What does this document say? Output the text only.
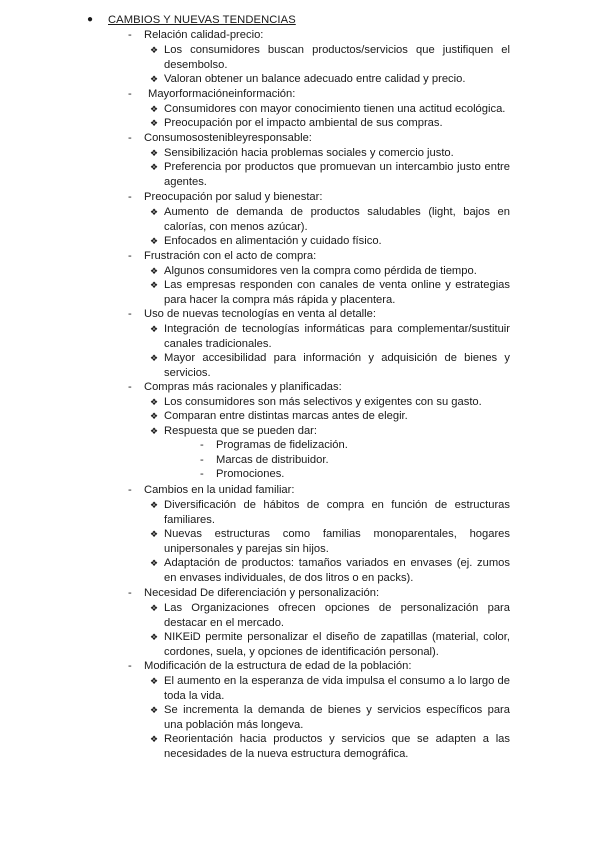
● CAMBIOS Y NUEVAS TENDENCIAS
- Relación calidad-precio:
❖ Los consumidores buscan productos/servicios que justifiquen el desembolso.
❖ Valoran obtener un balance adecuado entre calidad y precio.
- Mayorformacióneinformación:
❖ Consumidores con mayor conocimiento tienen una actitud ecológica.
❖ Preocupación por el impacto ambiental de sus compras.
- Consumosostenibleyresponsable:
❖ Sensibilización hacia problemas sociales y comercio justo.
❖ Preferencia por productos que promuevan un intercambio justo entre agentes.
- Preocupación por salud y bienestar:
❖ Aumento de demanda de productos saludables (light, bajos en calorías, con menos azúcar).
❖ Enfocados en alimentación y cuidado físico.
- Frustración con el acto de compra:
❖ Algunos consumidores ven la compra como pérdida de tiempo.
❖ Las empresas responden con canales de venta online y estrategias para hacer la compra más rápida y placentera.
- Uso de nuevas tecnologías en venta al detalle:
❖ Integración de tecnologías informáticas para complementar/sustituir canales tradicionales.
❖ Mayor accesibilidad para información y adquisición de bienes y servicios.
- Compras más racionales y planificadas:
❖ Los consumidores son más selectivos y exigentes con su gasto.
❖ Comparan entre distintas marcas antes de elegir.
❖ Respuesta que se pueden dar:
- Programas de fidelización.
- Marcas de distribuidor.
- Promociones.
- Cambios en la unidad familiar:
❖ Diversificación de hábitos de compra en función de estructuras familiares.
❖ Nuevas estructuras como familias monoparentales, hogares unipersonales y parejas sin hijos.
❖ Adaptación de productos: tamaños variados en envases (ej. zumos en envases individuales, de dos litros o en packs).
- Necesidad De diferenciación y personalización:
❖ Las Organizaciones ofrecen opciones de personalización para destacar en el mercado.
❖ NIKEiD permite personalizar el diseño de zapatillas (material, color, cordones, suela, y opciones de identificación personal).
- Modificación de la estructura de edad de la población:
❖ El aumento en la esperanza de vida impulsa el consumo a lo largo de toda la vida.
❖ Se incrementa la demanda de bienes y servicios específicos para una población más longeva.
❖ Reorientación hacia productos y servicios que se adapten a las necesidades de la nueva estructura demográfica.
